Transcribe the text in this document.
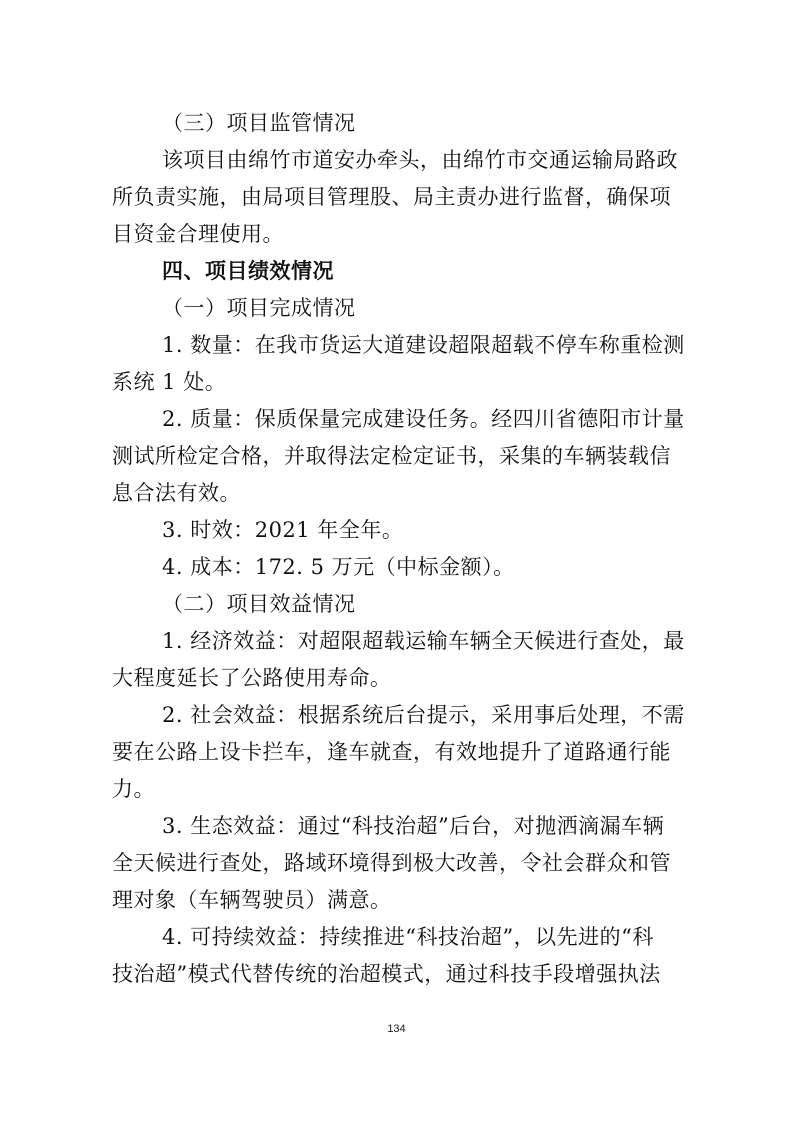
（三）项目监管情况
该项目由绵竹市道安办牵头，由绵竹市交通运输局路政
所负责实施，由局项目管理股、局主责办进行监督，确保项
目资金合理使用。
四、项目绩效情况
（一）项目完成情况
1. 数量：在我市货运大道建设超限超载不停车称重检测
系统 1 处。
2. 质量：保质保量完成建设任务。经四川省德阳市计量
测试所检定合格，并取得法定检定证书，采集的车辆装载信
息合法有效。
3. 时效：2021 年全年。
4. 成本：172. 5 万元（中标金额）。
（二）项目效益情况
1. 经济效益：对超限超载运输车辆全天候进行查处，最
大程度延长了公路使用寿命。
2. 社会效益：根据系统后台提示，采用事后处理，不需
要在公路上设卡拦车，逢车就查，有效地提升了道路通行能
力。
3. 生态效益：通过“科技治超”后台，对抛洒滴漏车辆
全天候进行查处，路域环境得到极大改善，令社会群众和管
理对象（车辆驾驶员）满意。
4. 可持续效益：持续推进“科技治超”，以先进的“科
技治超”模式代替传统的治超模式，通过科技手段增强执法
134
